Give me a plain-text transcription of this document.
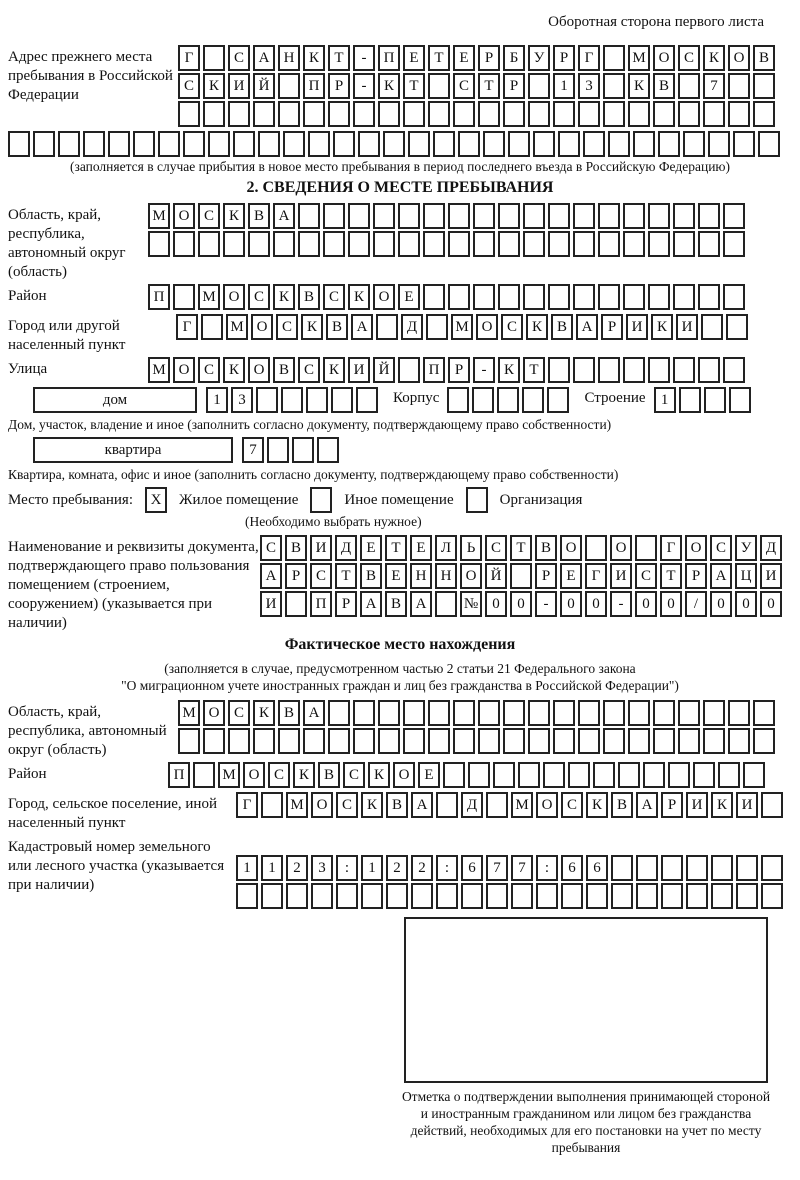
Оборотная сторона первого листа
Адрес прежнего места пребывания в Российской Федерации
Г	С А Н К	Т	-	П Е	Т	Е	Р	Б	У	Р	Г	М О С К О В
С К И Й	П	Р	-	К	Т	С	Т	Р	1	3	К В	7
(заполняется в случае прибытия в новое место пребывания в период последнего въезда в Российскую Федерацию)
2. СВЕДЕНИЯ О МЕСТЕ ПРЕБЫВАНИЯ
Область, край, республика, автономный округ (область)
М О С К В А
Район	П	М О С К В С К О Е
Город или другой населенный пункт
Г	М О С К В А	Д	М О С К В А	Р	И К И
Улица	М О С К О В С К И Й	П	Р	-	К	Т
дом	1	3	Корпус	Строение	1
Дом, участок, владение и иное (заполнить согласно документу, подтверждающему право собственности)
квартира	7
Квартира, комната, офис и иное (заполнить согласно документу, подтверждающему право собственности)
Место пребывания:	X	Жилое помещение	Иное помещение	Организация
(Необходимо выбрать нужное)
Наименование и реквизиты документа, подтверждающего право пользования помещением (строением, сооружением) (указывается при наличии)
С В И Д	Е	Т	Е	Л	Ь	С	Т	В О	О	Г	О С У Д
А	Р	С	Т	В	Е	Н Н О Й	Р	Е	Г	И С	Т	Р	А Ц И
И	П	Р	А В А	№ 0	0	-	0	0	-	0	0	/	0	0	0
Фактическое место нахождения
(заполняется в случае, предусмотренном частью 2 статьи 21 Федерального закона
"О миграционном учете иностранных граждан и лиц без гражданства в Российской Федерации")
Область, край, республика, автономный округ (область)
М О С К В А
Район	П	М О С К В С К О Е
Город, сельское поселение, иной населенный пункт
Г	М О С К В А	Д	М О С К В А	Р	И К И
Кадастровый номер земельного или лесного участка (указывается при наличии)
1	1	2	3	:	1	2	2	:	6	7	7	:	6	6
Отметка о подтверждении выполнения принимающей стороной и иностранным гражданином или лицом без гражданства действий, необходимых для его постановки на учет по месту пребывания
